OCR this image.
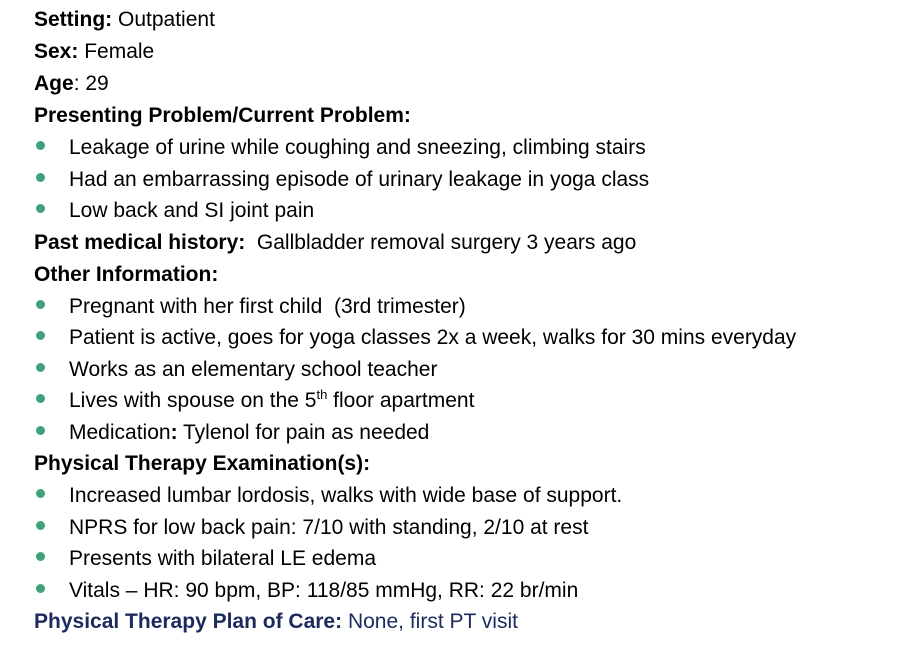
Setting: Outpatient
Sex: Female
Age: 29
Presenting Problem/Current Problem:
Leakage of urine while coughing and sneezing, climbing stairs
Had an embarrassing episode of urinary leakage in yoga class
Low back and SI joint pain
Past medical history: Gallbladder removal surgery 3 years ago
Other Information:
Pregnant with her first child  (3rd trimester)
Patient is active, goes for yoga classes 2x a week, walks for 30 mins everyday
Works as an elementary school teacher
Lives with spouse on the 5th floor apartment
Medication: Tylenol for pain as needed
Physical Therapy Examination(s):
Increased lumbar lordosis, walks with wide base of support.
NPRS for low back pain: 7/10 with standing, 2/10 at rest
Presents with bilateral LE edema
Vitals – HR: 90 bpm, BP: 118/85 mmHg, RR: 22 br/min
Physical Therapy Plan of Care: None, first PT visit
